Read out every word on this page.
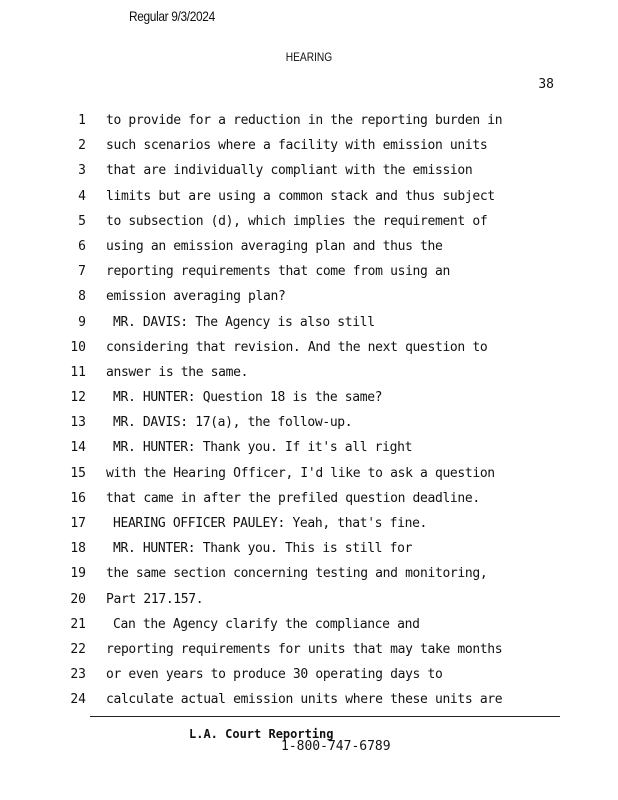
Regular 9/3/2024
HEARING
38
1 to provide for a reduction in the reporting burden in
2 such scenarios where a facility with emission units
3 that are individually compliant with the emission
4 limits but are using a common stack and thus subject
5 to subsection (d), which implies the requirement of
6 using an emission averaging plan and thus the
7 reporting requirements that come from using an
8 emission averaging plan?
9 MR. DAVIS: The Agency is also still
10 considering that revision. And the next question to
11 answer is the same.
12 MR. HUNTER: Question 18 is the same?
13 MR. DAVIS: 17(a), the follow-up.
14 MR. HUNTER: Thank you. If it's all right
15 with the Hearing Officer, I'd like to ask a question
16 that came in after the prefiled question deadline.
17 HEARING OFFICER PAULEY: Yeah, that's fine.
18 MR. HUNTER: Thank you. This is still for
19 the same section concerning testing and monitoring,
20 Part 217.157.
21 Can the Agency clarify the compliance and
22 reporting requirements for units that may take months
23 or even years to produce 30 operating days to
24 calculate actual emission units where these units are
L.A. Court Reporting
1-800-747-6789
